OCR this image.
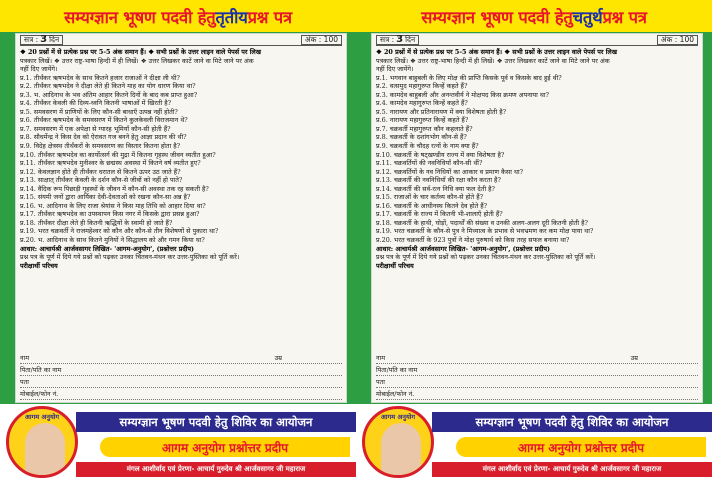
सम्यग्ज्ञान भूषण पदवी हेतु तृतीय प्रश्न पत्र
सत्र : 3 दिन	अंक : 100
❖ 20 प्रश्नों में से प्रत्येक प्रश्न पर 5-5 अंक समान हैं। ❖ सभी प्रश्नों के उत्तर लाइन वाले पेपर्स पर लिख
पत्रकार लिखें। ❖ उत्तर राष्ट्र-भाषा हिन्दी में ही लिखें। ❖ उत्तर लिखकर काटें जाने वा मिटे जाने पर अंक
नहीं दिए जायेंगे।
प्र.1. तीर्थंकर ऋषभदेव के साथ कितने हजार राजाओं ने दीक्षा ली थी?
प्र.2. तीर्थंकर ऋषभदेव ने दीक्षा लेते ही कितने माह का योग धारण किया था?
प्र.3. भ. आदिनाथ के भव अंतिम आहार कितने दिनों के बाद कब प्राप्त हुआ?
प्र.4. तीर्थंकर केवली की दिव्य-ध्वनि कितनी भाषाओं में खिरती है?
प्र.5. समवसरण में प्राणियों के लिए कौन-सी बाधाएँ उत्पन्न नहीं होती?
प्र.6. तीर्थंकर ऋषभदेव के समवसरण में कितने कुलकेवली विराजमान थे?
प्र.7. समवसरण में एक अपेक्षा से ग्यारह भूमियाँ कौन-सी होती हैं?
प्र.8. सौधर्मेन्द्र ने किस देव को ऐरावत गज बनने हेतु आज्ञा प्रदान की थी?
प्र.9. विदेह क्षेत्रस्थ तीर्थंकरों के समवसरण का विस्तार कितना होता है?
प्र.10. तीर्थंकर ऋषभदेव का कार्योत्सर्ग की मुद्रा में कितना गृहस्थ जीवन व्यतीत हुआ?
प्र.11. तीर्थंकर ऋषभदेव मुनीश्वर के छद्मस्थ अवस्था में कितने वर्ष व्यतीत हुए?
प्र.12. केवलज्ञान होते ही तीर्थंकर धरातल से कितने ऊपर उठ जाते हैं?
प्र.13. साक्षात् तीर्थंकर केवली के दर्शन कौन-से जीवों को नहीं हो पाते?
प्र.14. वैदिक रूप पिछाड़ी गृहस्थों के जीवन में कौन-सी अवस्था तक रह सकती है?
प्र.15. संयमी जनों द्वारा आर्यिका देवी-देवताओं को रखना कौन-सा अन्न है?
प्र.16. भ. आदिनाथ के लिए राजा श्रेयांस ने किस माह तिथि को आहार दिया था?
प्र.17. तीर्थंकर ऋषभदेव का उपस्थापन किस नगर में किसके द्वारा प्रसन्न हुआ?
प्र.18. तीर्थंकर दीक्षा लेते ही कितनी ऋद्धियों के स्वामी हो जाते हैं?
प्र.19. भरत चक्रवर्ती ने राजमहेश्वर को कौन और कौन-से तीन विशेषणों से पुकारा था?
प्र.20. भ. आदिनाथ के साथ कितने मुनियों ने सिद्धालय को और गमन किया था?
आधार: आचार्यश्री आर्जवसागर लिखित- 'आगम-अनुयोग', (प्रश्नोत्तर प्रदीप)
प्रश्न पत्र के पूर्ण में दिये गये प्रश्नों को पढ़कर उनका चिंतवन-मंथन कर उत्तर-पुस्तिका को पूर्ति करें।
परीक्षार्थी परिचय
नाम	उम्र
पिता/पति का नाम
पता
मोबाईल/फोन नं.
आगम अनुयोग	सम्यग्ज्ञान भूषण पदवी हेतु शिविर का आयोजन
आगम अनुयोग प्रश्नोत्तर प्रदीप
मंगल आशीर्वाद एवं प्रेरणा- आचार्य गुरुदेव श्री आर्जवसागर जी महाराज
सम्यग्ज्ञान भूषण पदवी हेतु चतुर्थ प्रश्न पत्र
सत्र : 3 दिन	अंक : 100
❖ 20 प्रश्नों में से प्रत्येक प्रश्न पर 5-5 अंक समान हैं। ❖ सभी प्रश्नों के उत्तर लाइन वाले पेपर्स पर लिख
पत्रकार लिखें। ❖ उत्तर राष्ट्र-भाषा हिन्दी में ही लिखें। ❖ उत्तर लिखकर काटें जाने वा मिटे जाने पर अंक
नहीं दिए जायेंगे।
प्र.1. भगवान बाहुबली के लिए मोक्ष की प्राप्ति किसके पूर्व व किसके बाद हुई थी?
प्र.2. वत्समुद महागुरुप्त किन्हें कहते हैं?
प्र.3. कामदेव बाहुबली और अनन्तवीर्य ने मोक्षपद किस क्रमण अपनाया था?
प्र.4. कामदेव महागुरुप्त किन्हें कहते हैं?
प्र.5. नारायण और प्रतिनारायण में क्या विशेषता होती है?
प्र.6. नारायण महागुरुप्त किन्हें कहते हैं?
प्र.7. चक्रवर्ती महागुरुप्त कौन कहलाते हैं?
प्र.8. चक्रवर्ती के दशांगभोग कौन-से हैं?
प्र.9. चक्रवर्ती के चौदह रत्नों के नाम क्या हैं?
प्र.10. चक्रवर्ती के षट्खण्डीय राज्य में क्या विशेषता है?
प्र.11. चक्रवर्तियों की नवनिधियाँ कौन-सी थीं?
प्र.12. चक्रवर्तियों के नव निधियों का आकार व प्रमाण कैसा था?
प्र.13. चक्रवर्ती की नवनिधियाँ की रक्षा कौन करता है?
प्र.14. चक्रवर्ती की सर्व-रत्न निधि क्या फल देती है?
प्र.15. राजाओं के चार कर्तव्य कौन-से होते हैं?
प्र.16. चक्रवर्ती के आधीनस्थ कितने देव होते हैं?
प्र.17. चक्रवर्ती के राज्य में कितनी भी-शालाएँ होती हैं?
प्र.18. चक्रवर्ती के हाथी, घोड़ों, पदार्थों की संख्या व उनकी अलग-अलग दूरी कितनी होती है?
प्र.19. भरत चक्रवर्ती के कौन-से पुत्र ने मिथ्यात्व के प्रभाव से भवभ्रमण कर कम मोक्ष पाया था?
प्र.20. भरत चक्रवर्ती के 923 पुत्रों ने मोक्ष पुरुषार्थ को किस तरह सफल बनाया था?
आधार: आचार्यश्री आर्जवसागर लिखित- 'आगम-अनुयोग', (प्रश्नोत्तर प्रदीप)
प्रश्न पत्र के पूर्ण में दिये गये प्रश्नों को पढ़कर उनका चिंतवन-मंथन कर उत्तर-पुस्तिका को पूर्ति करें।
परीक्षार्थी परिचय
नाम	उम्र
पिता/पति का नाम
पता
मोबाईल/फोन नं.
आगम अनुयोग	सम्यग्ज्ञान भूषण पदवी हेतु शिविर का आयोजन
आगम अनुयोग प्रश्नोत्तर प्रदीप
मंगल आशीर्वाद एवं प्रेरणा- आचार्य गुरुदेव श्री आर्जवसागर जी महाराज
